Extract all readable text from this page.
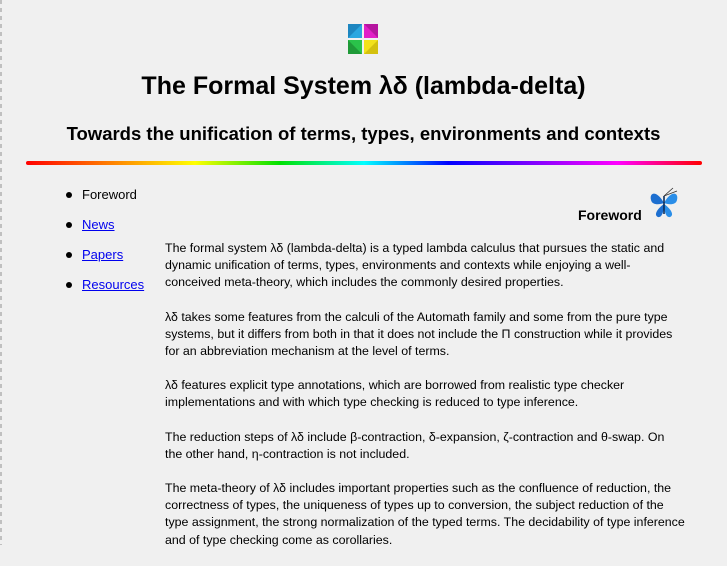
The Formal System λδ (lambda-delta)
Towards the unification of terms, types, environments and contexts
Foreword
News
Papers
Resources
Foreword

The formal system λδ (lambda-delta) is a typed lambda calculus that pursues the static and dynamic unification of terms, types, environments and contexts while enjoying a well-conceived meta-theory, which includes the commonly desired properties.

λδ takes some features from the calculi of the Automath family and some from the pure type systems, but it differs from both in that it does not include the Π construction while it provides for an abbreviation mechanism at the level of terms.

λδ features explicit type annotations, which are borrowed from realistic type checker implementations and with which type checking is reduced to type inference.

The reduction steps of λδ include β-contraction, δ-expansion, ζ-contraction and θ-swap. On the other hand, η-contraction is not included.

The meta-theory of λδ includes important properties such as the confluence of reduction, the correctness of types, the uniqueness of types up to conversion, the subject reduction of the type assignment, the strong normalization of the typed terms. The decidability of type inference and of type checking come as corollaries.
